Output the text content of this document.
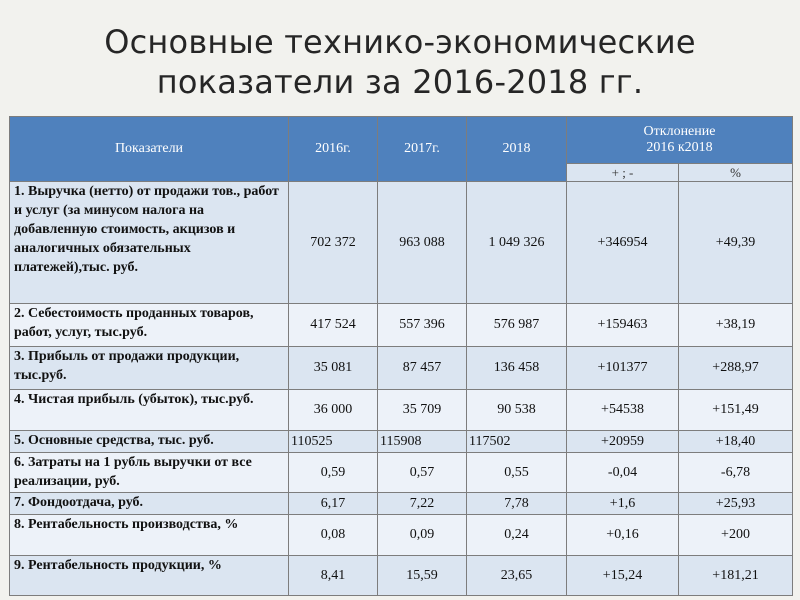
Основные технико-экономические
показатели за 2016-2018 гг.
Показатели	2016г.	2017г.	2018	Отклонение
2016 к2018	

				+ ; -	%
1. Выручка (нетто) от продажи тов., работ и услуг (за минусом налога на добавленную стоимость, акцизов и аналогичных обязательных платежей),тыс. руб.	702 372	963 088	1 049 326	+346954	+49,39
2. Себестоимость проданных товаров, работ, услуг, тыс.руб.	417 524	557 396	576 987	+159463	+38,19
3. Прибыль от продажи продукции, тыс.руб.	35 081	87 457	136 458	+101377	+288,97
4. Чистая прибыль (убыток), тыс.руб.	36 000	35 709	90 538	+54538	+151,49
5. Основные средства, тыс. руб.	110525	115908	117502	+20959	+18,40
6. Затраты на 1 рубль выручки от все реализации, руб.	0,59	0,57	0,55	-0,04	-6,78
7. Фондоотдача, руб.	6,17	7,22	7,78	+1,6	+25,93
8. Рентабельность производства, %	0,08	0,09	0,24	+0,16	+200
9. Рентабельность продукции, %	8,41	15,59	23,65	+15,24	+181,21
